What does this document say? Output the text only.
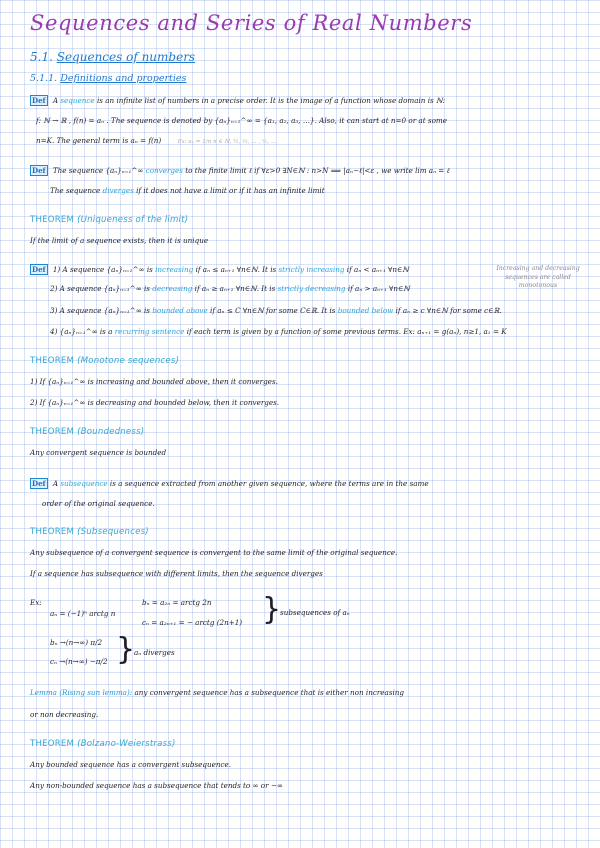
Sequences and Series of Real Numbers
5.1. Sequences of numbers
5.1.1. Definitions and properties
Def A sequence is an infinite list of numbers in a precise order. It is the image of a function whose domain is ℕ:
f: ℕ → ℝ , f(n) = aₙ . The sequence is denoted by {aₙ}ₙ₌₁^∞ = {a₁, a₂, a₃, …}. Also, it can start at n=0 or at some
n=K. The general term is aₙ = f(n)	Ex: aₙ = 1/n n ∈ ℕ, ½, ⅓, … , ¹⁄ₙ, …
Def The sequence {aₙ}ₙ₌₁^∞ converges to the finite limit ℓ if ∀ε>0 ∃N∈ℕ : n>N ⟹ |aₙ−ℓ|<ε , we write lim aₙ = ℓ
The sequence diverges if it does not have a limit or if it has an infinite limit
THEOREM (Uniqueness of the limit)
If the limit of a sequence exists, then it is unique
Def 1) A sequence {aₙ}ₙ₌₁^∞ is increasing if aₙ ≤ aₙ₊₁ ∀n∈ℕ. It is strictly increasing if aₙ < aₙ₊₁ ∀n∈ℕ
2) A sequence {aₙ}ₙ₌₁^∞ is decreasing if aₙ ≥ aₙ₊₁ ∀n∈ℕ. It is strictly decreasing if aₙ > aₙ₊₁ ∀n∈ℕ
Increasing and decreasing sequences are called monotonous
3) A sequence {aₙ}ₙ₌₁^∞ is bounded above if aₙ ≤ C ∀n∈ℕ for some C∈ℝ. It is bounded below if aₙ ≥ c ∀n∈ℕ for some c∈ℝ.
4) {aₙ}ₙ₌₁^∞ is a recurring sentence if each term is given by a function of some previous terms. Ex: aₙ₊₁ = g(aₙ), n≥1, a₁ = K
THEOREM (Monotone sequences)
1) If {aₙ}ₙ₌₁^∞ is increasing and bounded above, then it converges.
2) If {aₙ}ₙ₌₁^∞ is decreasing and bounded below, then it converges.
THEOREM (Boundedness)
Any convergent sequence is bounded
Def A subsequence is a sequence extracted from another given sequence, where the terms are in the same
order of the original sequence.
THEOREM (Subsequences)
Any subsequence of a convergent sequence is convergent to the same limit of the original sequence.
If a sequence has subsequence with different limits, then the sequence diverges
Ex:
aₙ = (−1)ⁿ arctg n
bₙ = a₂ₙ = arctg 2n
cₙ = a₂ₙ₊₁ = − arctg (2n+1) }
subsequences of aₙ
bₙ →(n→∞) π/2
cₙ →(n→∞) −π/2 }
aₙ diverges
Lemma (Rising sun lemma): any convergent sequence has a subsequence that is either non increasing
or non decreasing.
THEOREM (Bolzano-Weierstrass)
Any bounded sequence has a convergent subsequence.
Any non-bounded sequence has a subsequence that tends to ∞ or −∞
